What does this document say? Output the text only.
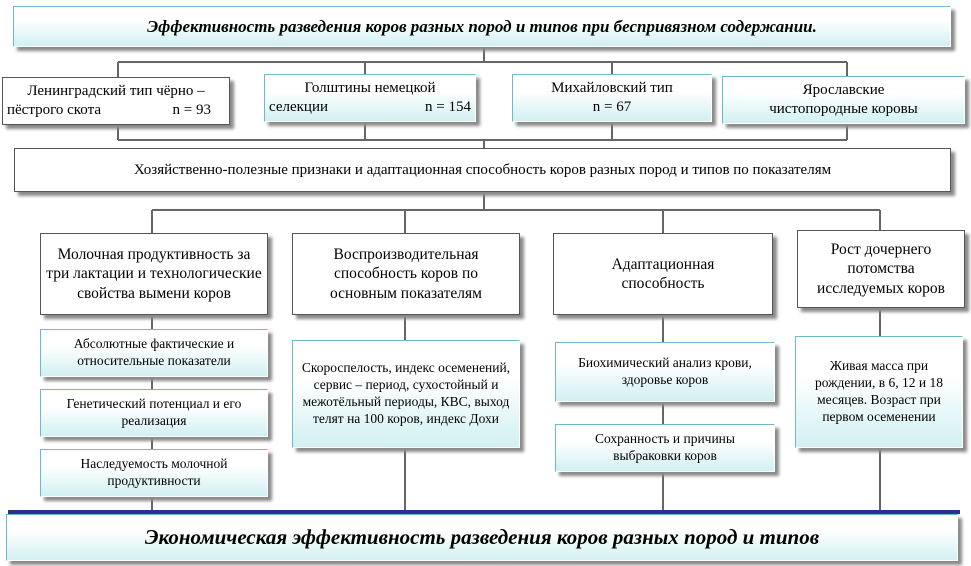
Эффективность разведения коров разных пород и типов при беспривязном содержании.
Ленинградский тип чёрно –
пёстрого скота	n = 93
Голштины немецкой
селекции	n = 154
Михайловский тип
n = 67
Ярославские
чистопородные коровы
Хозяйственно-полезные признаки и адаптационная способность коров разных пород и типов по показателям
Молочная продуктивность за три лактации и технологические свойства вымени коров
Воспроизводительная способность коров по основным показателям
Адаптационная способность
Рост дочернего потомства исследуемых коров
Абсолютные фактические и относительные показатели
Генетический потенциал и его реализация
Наследуемость молочной продуктивности
Скороспелость, индекс осеменений, сервис – период, сухостойный и межотёльный периоды, КВС, выход телят на 100 коров, индекс Дохи
Биохимический анализ крови, здоровье коров
Сохранность и причины выбраковки коров
Живая масса при рождении, в 6, 12 и 18 месяцев. Возраст при первом осеменении
Экономическая эффективность разведения коров разных пород и типов
